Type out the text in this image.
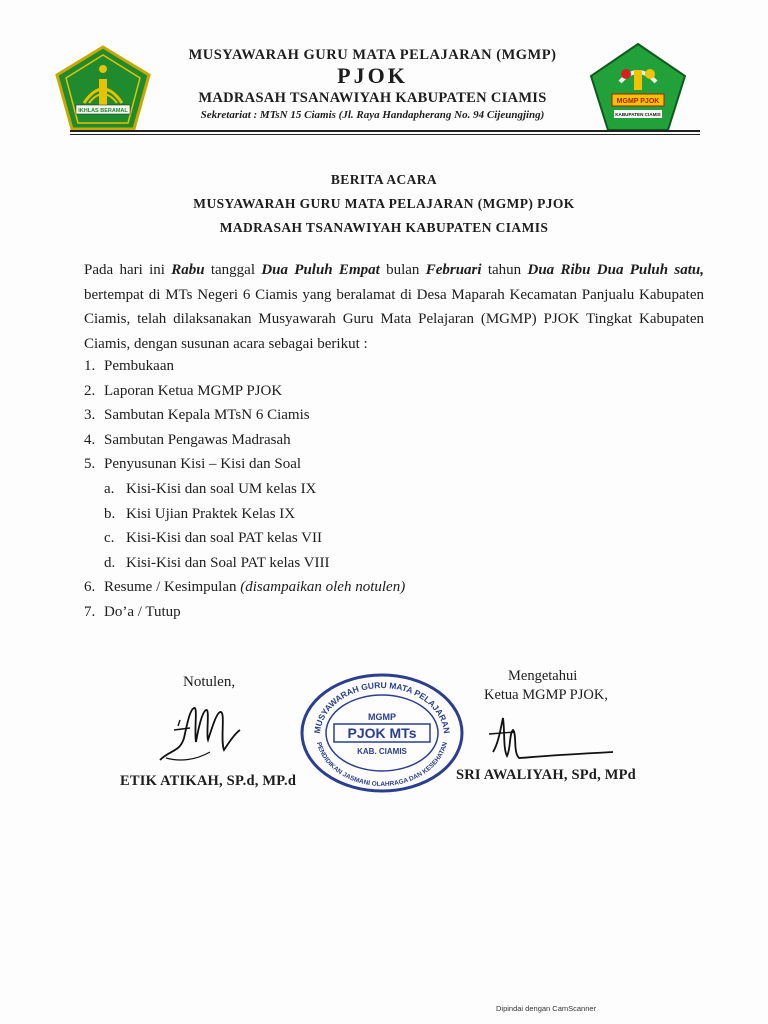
IKHLAS BERAMAL
MUSYAWARAH GURU MATA PELAJARAN (MGMP)
PJOK
MADRASAH TSANAWIYAH KABUPATEN CIAMIS
Sekretariat : MTsN 15 Ciamis (Jl. Raya Handapherang No. 94 Cijeungjing)
MGMP PJOK
KABUPATEN CIAMIS
BERITA ACARA
MUSYAWARAH GURU MATA PELAJARAN (MGMP) PJOK
MADRASAH TSANAWIYAH KABUPATEN CIAMIS

Pada hari ini Rabu tanggal Dua Puluh Empat bulan Februari tahun Dua Ribu Dua Puluh satu, bertempat di MTs Negeri 6 Ciamis yang beralamat di Desa Maparah Kecamatan Panjualu Kabupaten Ciamis, telah dilaksanakan Musyawarah Guru Mata Pelajaran (MGMP) PJOK Tingkat Kabupaten Ciamis, dengan susunan acara sebagai berikut :

1. Pembukaan
2. Laporan Ketua MGMP PJOK
3. Sambutan Kepala MTsN 6 Ciamis
4. Sambutan Pengawas Madrasah
5. Penyusunan Kisi – Kisi dan Soal
a. Kisi-Kisi dan soal UM kelas IX
b. Kisi Ujian Praktek Kelas IX
c. Kisi-Kisi dan soal PAT kelas VII
d. Kisi-Kisi dan Soal PAT kelas VIII
6. Resume / Kesimpulan (disampaikan oleh notulen)
7. Do’a / Tutup
Notulen,
ETIK ATIKAH, SP.d, MP.d
MUSYAWARAH GURU MATA PELAJARAN
PENDIDIKAN JASMANI OLAHRAGA DAN KESEHATAN
MGMP
PJOK MTs
KAB. CIAMIS
Mengetahui
Ketua MGMP PJOK,
SRI AWALIYAH, SPd, MPd
Dipindai dengan CamScanner
